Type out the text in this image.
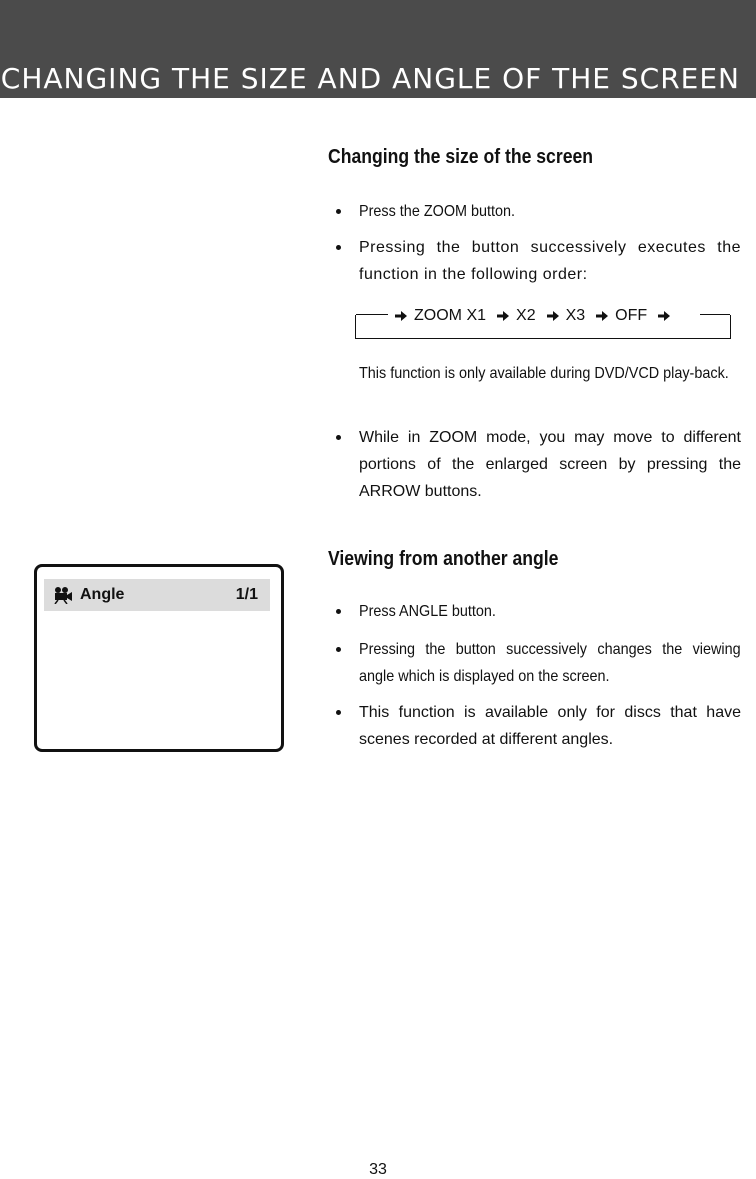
CHANGING THE SIZE AND ANGLE OF THE SCREEN
Changing the size of the screen
Press the ZOOM button.
Pressing the button successively executes the function in the following order:
ZOOM X1 X2 X3 OFF
This function is only available during DVD/VCD play-back.
While in ZOOM mode, you may move to different portions of the enlarged screen by pressing the ARROW buttons.
Viewing from another angle
Press ANGLE button.
Pressing the button successively changes the viewing angle which is displayed on the screen.
This function is available only for discs that have scenes recorded at different angles.
Angle	1/1
33
